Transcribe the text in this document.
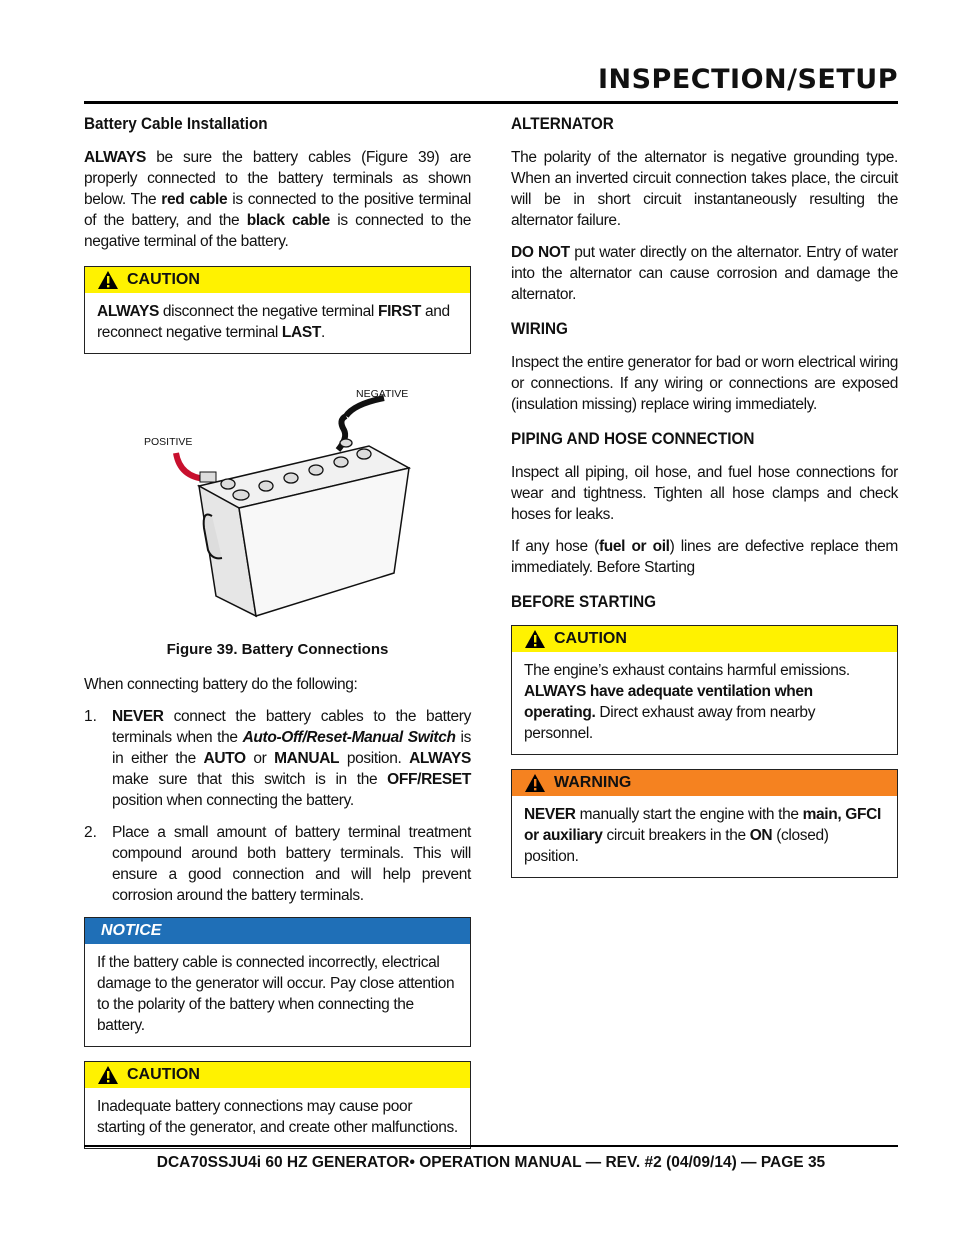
INSPECTION/SETUP
Battery Cable Installation

ALWAYS be sure the battery cables (Figure 39) are properly connected to the battery terminals as shown below. The red cable is connected to the positive terminal of the battery, and the black cable is connected to the negative terminal of the battery.

CAUTION
ALWAYS disconnect the negative terminal FIRST and reconnect negative terminal LAST.
NEGATIVE
POSITIVE
Figure 39. Battery Connections

When connecting battery do the following:

1. NEVER connect the battery cables to the battery terminals when the Auto-Off/Reset-Manual Switch is in either the AUTO or MANUAL position. ALWAYS make sure that this switch is in the OFF/RESET position when connecting the battery.
2. Place a small amount of battery terminal treatment compound around both battery terminals. This will ensure a good connection and will help prevent corrosion around the battery terminals.
NOTICE
If the battery cable is connected incorrectly, electrical damage to the generator will occur. Pay close attention to the polarity of the battery when connecting the battery.
CAUTION
Inadequate battery connections may cause poor starting of the generator, and create other malfunctions.
ALTERNATOR

The polarity of the alternator is negative grounding type. When an inverted circuit connection takes place, the circuit will be in short circuit instantaneously resulting the alternator failure.

DO NOT put water directly on the alternator. Entry of water into the alternator can cause corrosion and damage the alternator.

WIRING

Inspect the entire generator for bad or worn electrical wiring or connections. If any wiring or connections are exposed (insulation missing) replace wiring immediately.

PIPING AND HOSE CONNECTION

Inspect all piping, oil hose, and fuel hose connections for wear and tightness. Tighten all hose clamps and check hoses for leaks.

If any hose (fuel or oil) lines are defective replace them immediately. Before Starting

BEFORE STARTING
CAUTION
The engine’s exhaust contains harmful emissions. ALWAYS have adequate ventilation when operating. Direct exhaust away from nearby personnel.
WARNING
NEVER manually start the engine with the main, GFCI or auxiliary circuit breakers in the ON (closed) position.
DCA70SSJU4i 60 HZ GENERATOR• OPERATION MANUAL — REV. #2 (04/09/14) — PAGE 35
